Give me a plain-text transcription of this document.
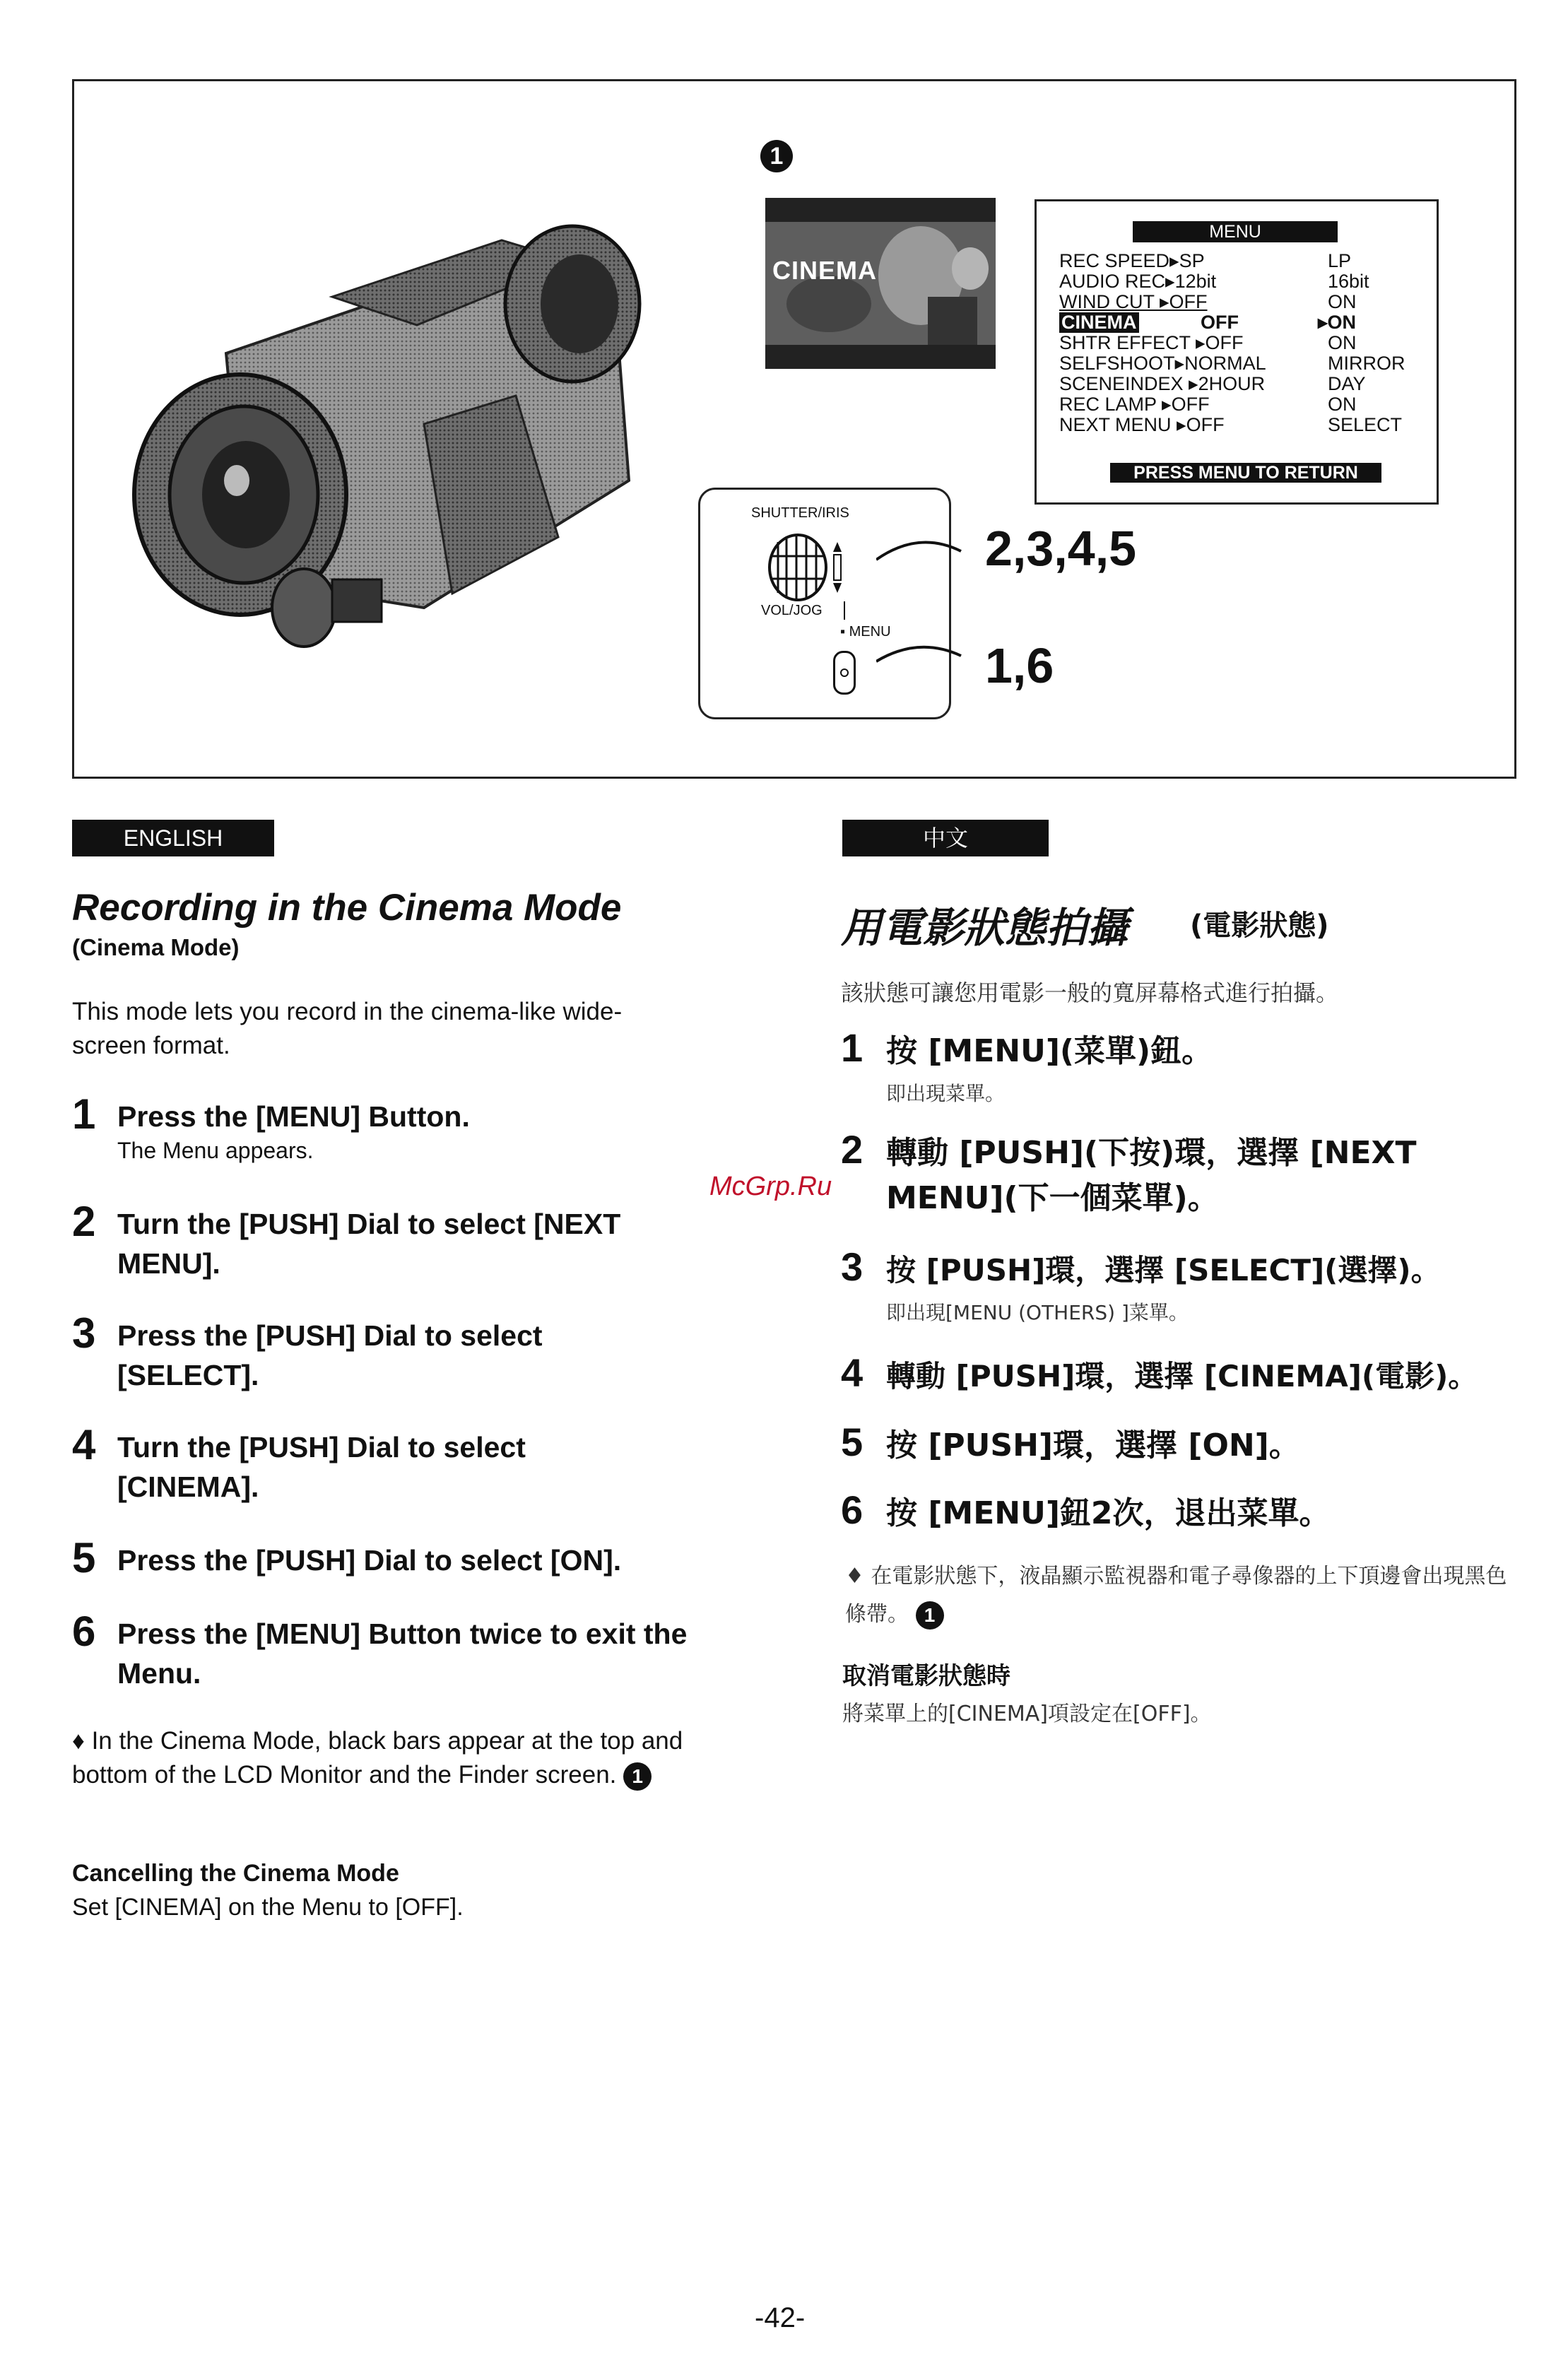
1
CINEMA
MENU
REC SPEED▸SP	LP
AUDIO REC▸12bit	16bit
WIND CUT ▸OFF	ON
CINEMA	OFF	▸ON
SHTR EFFECT ▸OFF	ON
SELFSHOOT▸NORMAL	MIRROR
SCENEINDEX ▸2HOUR	DAY
REC LAMP ▸OFF	ON
NEXT MENU ▸OFF	SELECT
PRESS MENU TO RETURN
SHUTTER/IRIS
VOL/JOG
▪ MENU
2,3,4,5
1,6
ENGLISH
Recording in the Cinema Mode
(Cinema Mode)
This mode lets you record in the cinema-like wide-screen format.
1 Press the [MENU] Button.
The Menu appears.
2 Turn the [PUSH] Dial to select [NEXT MENU].
3 Press the [PUSH] Dial to select [SELECT].
4 Turn the [PUSH] Dial to select [CINEMA].
5 Press the [PUSH] Dial to select [ON].
6 Press the [MENU] Button twice to exit the Menu.
♦ In the Cinema Mode, black bars appear at the top and bottom of the LCD Monitor and the Finder screen. 1
Cancelling the Cinema Mode
Set [CINEMA] on the Menu to [OFF].
中文
用電影狀態拍攝 (電影狀態)
該狀態可讓您用電影一般的寬屏幕格式進行拍攝。
1 按 [MENU](菜單)鈕。
即出現菜單。
2 轉動 [PUSH](下按)環，選擇 [NEXT MENU](下一個菜單)。
3 按 [PUSH]環，選擇 [SELECT](選擇)。
即出現[MENU (OTHERS) ]菜單。
4 轉動 [PUSH]環，選擇 [CINEMA](電影)。
5 按 [PUSH]環，選擇 [ON]。
6 按 [MENU]鈕2次，退出菜單。
♦ 在電影狀態下，液晶顯示監視器和電子尋像器的上下頂邊會出現黑色條帶。 1
取消電影狀態時
將菜單上的[CINEMA]項設定在[OFF]。
McGrp.Ru
-42-
